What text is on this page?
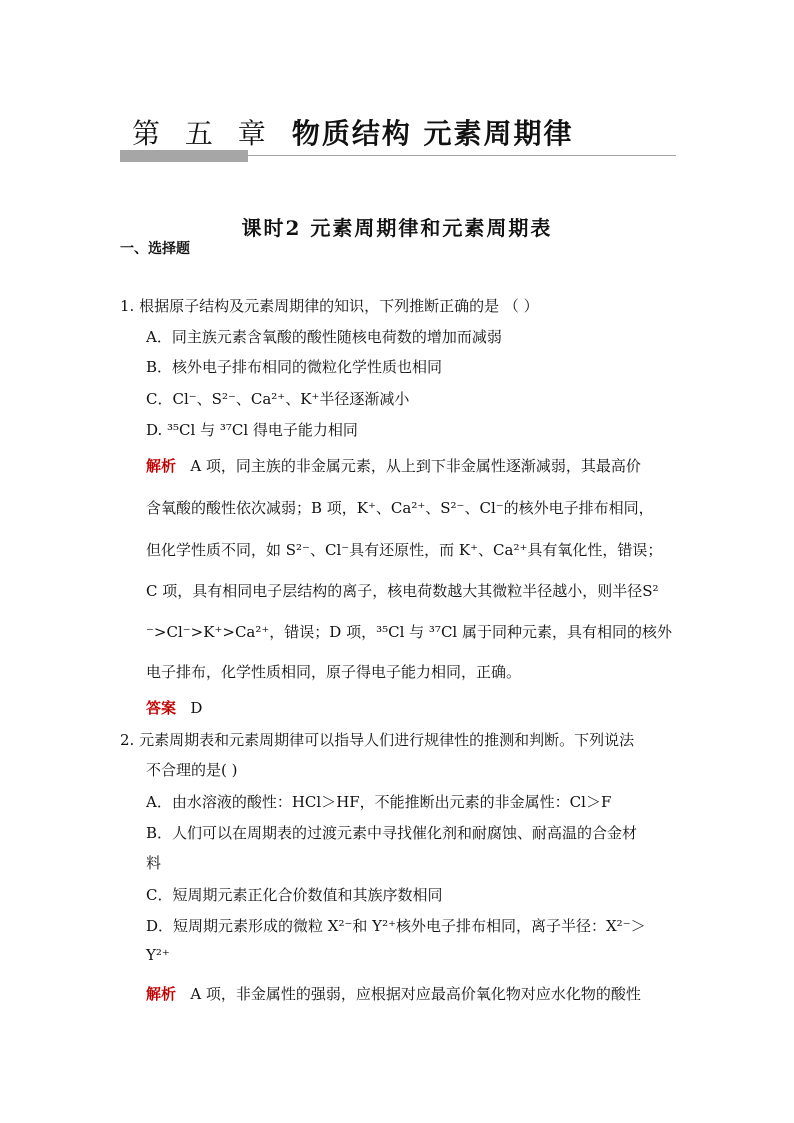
第 五 章 物质结构 元素周期律
课时2 元素周期律和元素周期表
一、选择题
1. 根据原子结构及元素周期律的知识，下列推断正确的是 （ ）
A．同主族元素含氧酸的酸性随核电荷数的增加而减弱
B．核外电子排布相同的微粒化学性质也相同
C．Cl⁻、S²⁻、Ca²⁺、K⁺半径逐渐减小
D. ³⁵Cl 与 ³⁷Cl 得电子能力相同
解析 A 项，同主族的非金属元素，从上到下非金属性逐渐减弱，其最高价
含氧酸的酸性依次减弱；B 项，K⁺、Ca²⁺、S²⁻、Cl⁻的核外电子排布相同，
但化学性质不同，如 S²⁻、Cl⁻具有还原性，而 K⁺、Ca²⁺具有氧化性，错误；
C 项，具有相同电子层结构的离子，核电荷数越大其微粒半径越小，则半径S²
⁻>Cl⁻>K⁺>Ca²⁺，错误；D 项，³⁵Cl 与 ³⁷Cl 属于同种元素，具有相同的核外
电子排布，化学性质相同，原子得电子能力相同，正确。
答案 D
2. 元素周期表和元素周期律可以指导人们进行规律性的推测和判断。下列说法
不合理的是( )
A．由水溶液的酸性：HCl＞HF，不能推断出元素的非金属性：Cl＞F
B．人们可以在周期表的过渡元素中寻找催化剂和耐腐蚀、耐高温的合金材
料
C．短周期元素正化合价数值和其族序数相同
D．短周期元素形成的微粒 X²⁻和 Y²⁺核外电子排布相同，离子半径：X²⁻＞
Y²⁺
解析 A 项，非金属性的强弱，应根据对应最高价氧化物对应水化物的酸性
